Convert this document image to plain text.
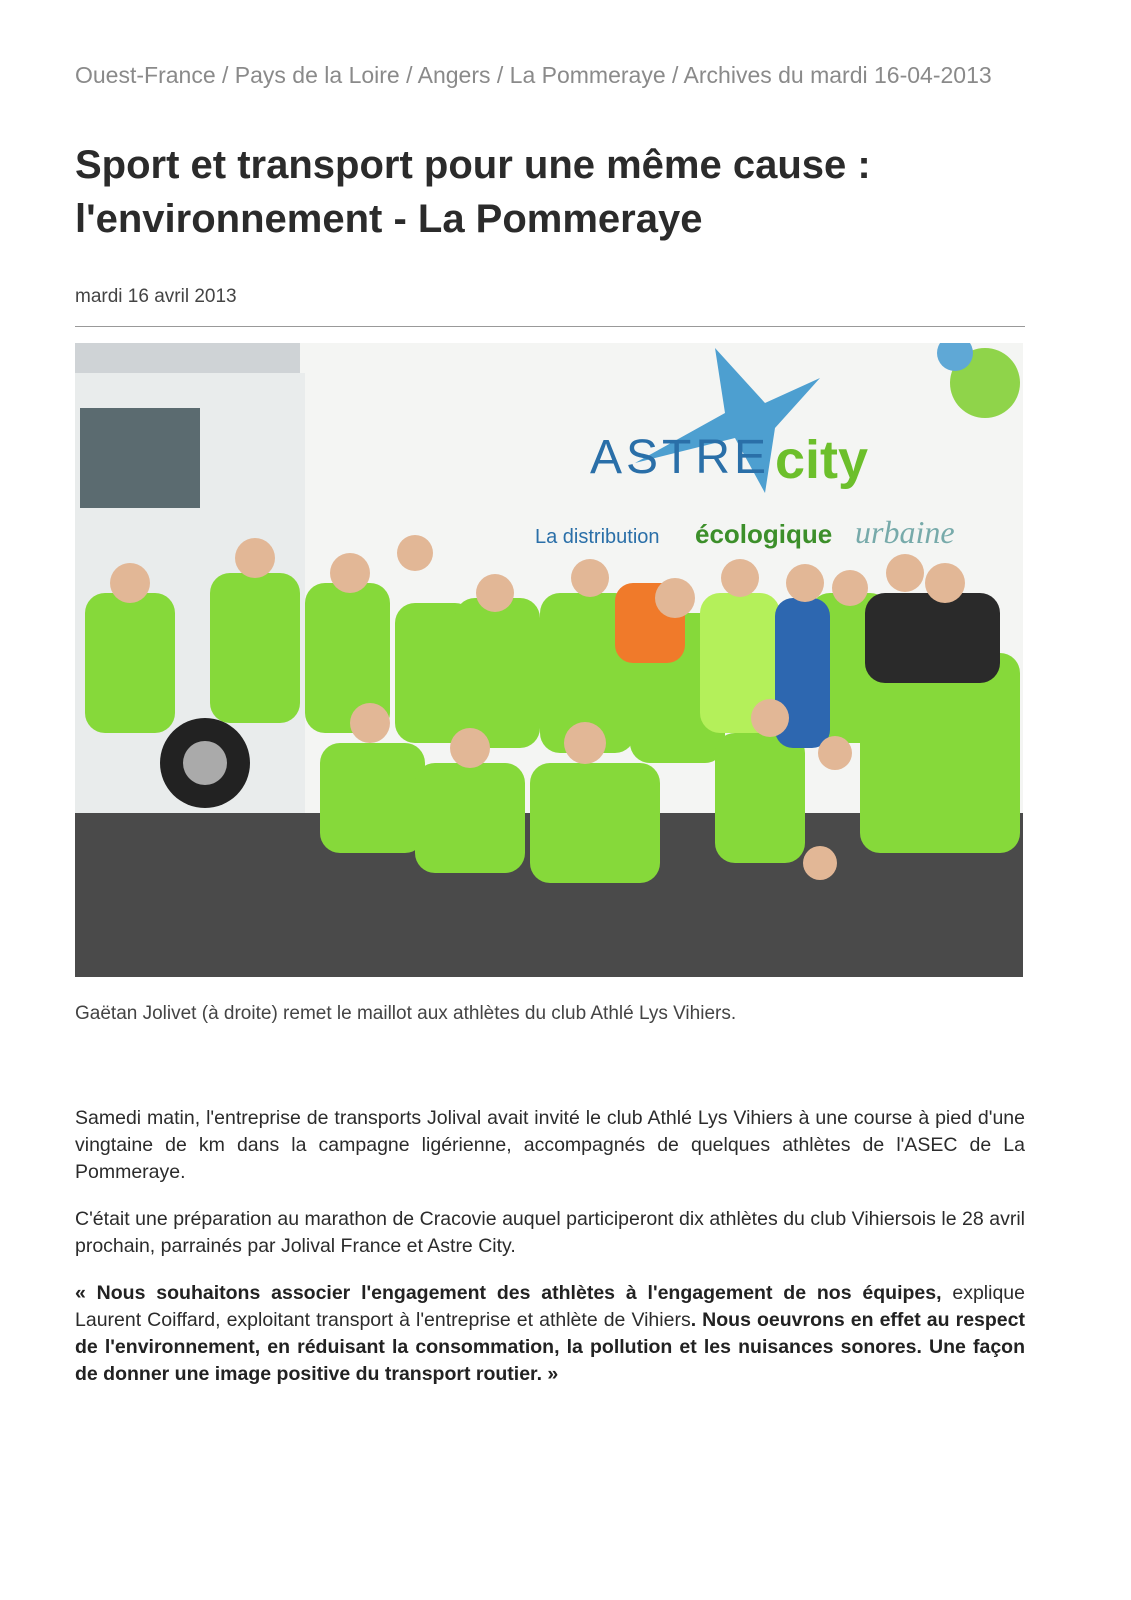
Ouest-France / Pays de la Loire / Angers / La Pommeraye / Archives du mardi 16-04-2013

Sport et transport pour une même cause : l'environnement - La Pommeraye

mardi 16 avril 2013

ASTRE city
La distribution écologique urbaine

Gaëtan Jolivet (à droite) remet le maillot aux athlètes du club Athlé Lys Vihiers.

Samedi matin, l'entreprise de transports Jolival avait invité le club Athlé Lys Vihiers à une course à pied d'une vingtaine de km dans la campagne ligérienne, accompagnés de quelques athlètes de l'ASEC de La Pommeraye.

C'était une préparation au marathon de Cracovie auquel participeront dix athlètes du club Vihiersois le 28 avril prochain, parrainés par Jolival France et Astre City.

« Nous souhaitons associer l'engagement des athlètes à l'engagement de nos équipes, explique Laurent Coiffard, exploitant transport à l'entreprise et athlète de Vihiers. Nous oeuvrons en effet au respect de l'environnement, en réduisant la consommation, la pollution et les nuisances sonores. Une façon de donner une image positive du transport routier. »
